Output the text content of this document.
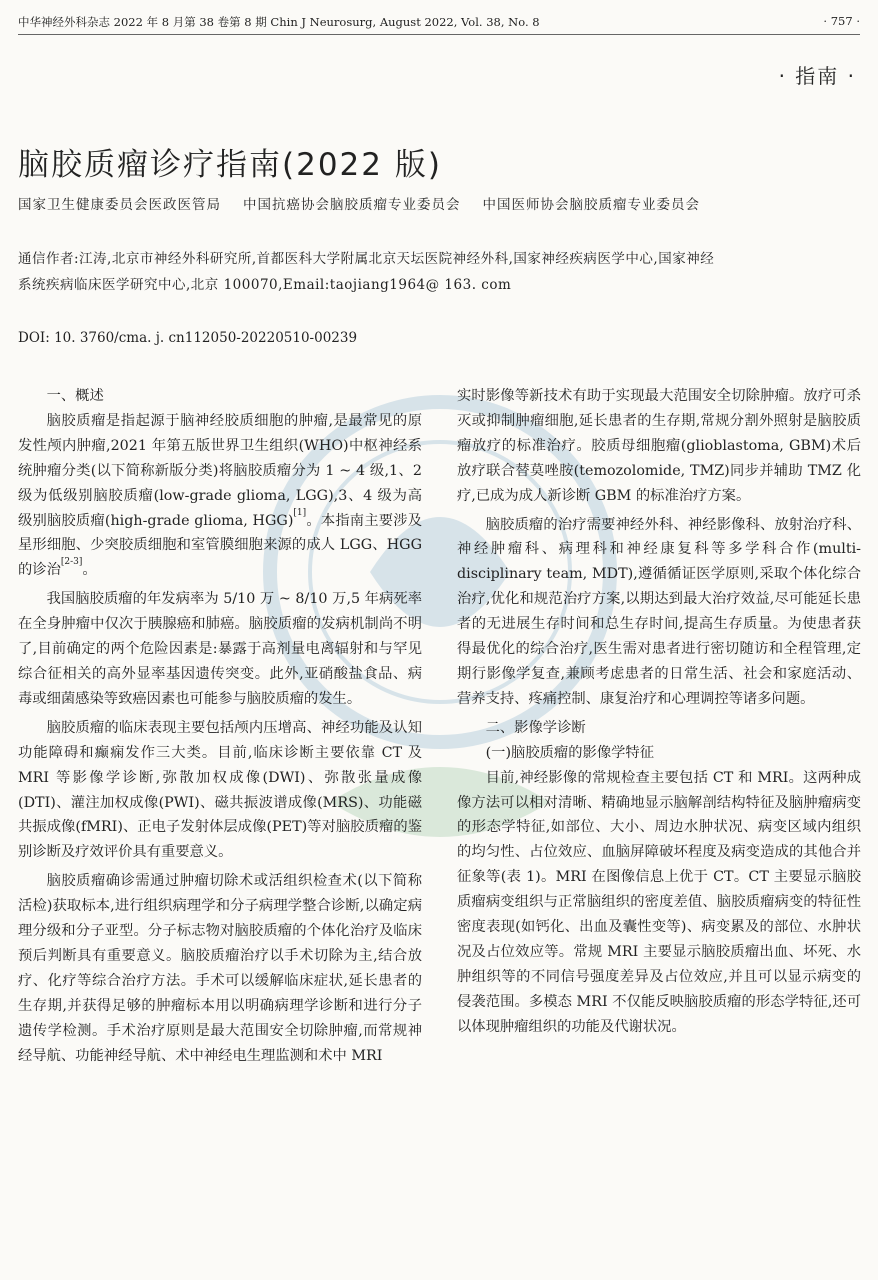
中华神经外科杂志 2022 年 8 月第 38 卷第 8 期 Chin J Neurosurg, August 2022, Vol. 38, No. 8	· 757 ·
· 指南 ·
脑胶质瘤诊疗指南(2022 版)
国家卫生健康委员会医政医管局 中国抗癌协会脑胶质瘤专业委员会 中国医师协会脑胶质瘤专业委员会
通信作者:江涛,北京市神经外科研究所,首都医科大学附属北京天坛医院神经外科,国家神经疾病医学中心,国家神经系统疾病临床医学研究中心,北京 100070,Email:taojiang1964@ 163. com
DOI: 10. 3760/cma. j. cn112050-20220510-00239
一、概述

脑胶质瘤是指起源于脑神经胶质细胞的肿瘤,是最常见的原发性颅内肿瘤,2021 年第五版世界卫生组织(WHO)中枢神经系统肿瘤分类(以下简称新版分类)将脑胶质瘤分为 1 ~ 4 级,1、2 级为低级别脑胶质瘤(low-grade glioma, LGG),3、4 级为高级别脑胶质瘤(high-grade glioma, HGG)[1]。本指南主要涉及星形细胞、少突胶质细胞和室管膜细胞来源的成人 LGG、HGG 的诊治[2-3]。

我国脑胶质瘤的年发病率为 5/10 万 ~ 8/10 万,5 年病死率在全身肿瘤中仅次于胰腺癌和肺癌。脑胶质瘤的发病机制尚不明了,目前确定的两个危险因素是:暴露于高剂量电离辐射和与罕见综合征相关的高外显率基因遗传突变。此外,亚硝酸盐食品、病毒或细菌感染等致癌因素也可能参与脑胶质瘤的发生。

脑胶质瘤的临床表现主要包括颅内压增高、神经功能及认知功能障碍和癫痫发作三大类。目前,临床诊断主要依靠 CT 及 MRI 等影像学诊断,弥散加权成像(DWI)、弥散张量成像(DTI)、灌注加权成像(PWI)、磁共振波谱成像(MRS)、功能磁共振成像(fMRI)、正电子发射体层成像(PET)等对脑胶质瘤的鉴别诊断及疗效评价具有重要意义。

脑胶质瘤确诊需通过肿瘤切除术或活组织检查术(以下简称活检)获取标本,进行组织病理学和分子病理学整合诊断,以确定病理分级和分子亚型。分子标志物对脑胶质瘤的个体化治疗及临床预后判断具有重要意义。脑胶质瘤治疗以手术切除为主,结合放疗、化疗等综合治疗方法。手术可以缓解临床症状,延长患者的生存期,并获得足够的肿瘤标本用以明确病理学诊断和进行分子遗传学检测。手术治疗原则是最大范围安全切除肿瘤,而常规神经导航、功能神经导航、术中神经电生理监测和术中 MRI

实时影像等新技术有助于实现最大范围安全切除肿瘤。放疗可杀灭或抑制肿瘤细胞,延长患者的生存期,常规分割外照射是脑胶质瘤放疗的标准治疗。胶质母细胞瘤(glioblastoma, GBM)术后放疗联合替莫唑胺(temozolomide, TMZ)同步并辅助 TMZ 化疗,已成为成人新诊断 GBM 的标准治疗方案。

脑胶质瘤的治疗需要神经外科、神经影像科、放射治疗科、神经肿瘤科、病理科和神经康复科等多学科合作(multi-disciplinary team, MDT),遵循循证医学原则,采取个体化综合治疗,优化和规范治疗方案,以期达到最大治疗效益,尽可能延长患者的无进展生存时间和总生存时间,提高生存质量。为使患者获得最优化的综合治疗,医生需对患者进行密切随访和全程管理,定期行影像学复查,兼顾考虑患者的日常生活、社会和家庭活动、营养支持、疼痛控制、康复治疗和心理调控等诸多问题。

二、影像学诊断
(一)脑胶质瘤的影像学特征

目前,神经影像的常规检查主要包括 CT 和 MRI。这两种成像方法可以相对清晰、精确地显示脑解剖结构特征及脑肿瘤病变的形态学特征,如部位、大小、周边水肿状况、病变区域内组织的均匀性、占位效应、血脑屏障破坏程度及病变造成的其他合并征象等(表 1)。MRI 在图像信息上优于 CT。CT 主要显示脑胶质瘤病变组织与正常脑组织的密度差值、脑胶质瘤病变的特征性密度表现(如钙化、出血及囊性变等)、病变累及的部位、水肿状况及占位效应等。常规 MRI 主要显示脑胶质瘤出血、坏死、水肿组织等的不同信号强度差异及占位效应,并且可以显示病变的侵袭范围。多模态 MRI 不仅能反映脑胶质瘤的形态学特征,还可以体现肿瘤组织的功能及代谢状况。
